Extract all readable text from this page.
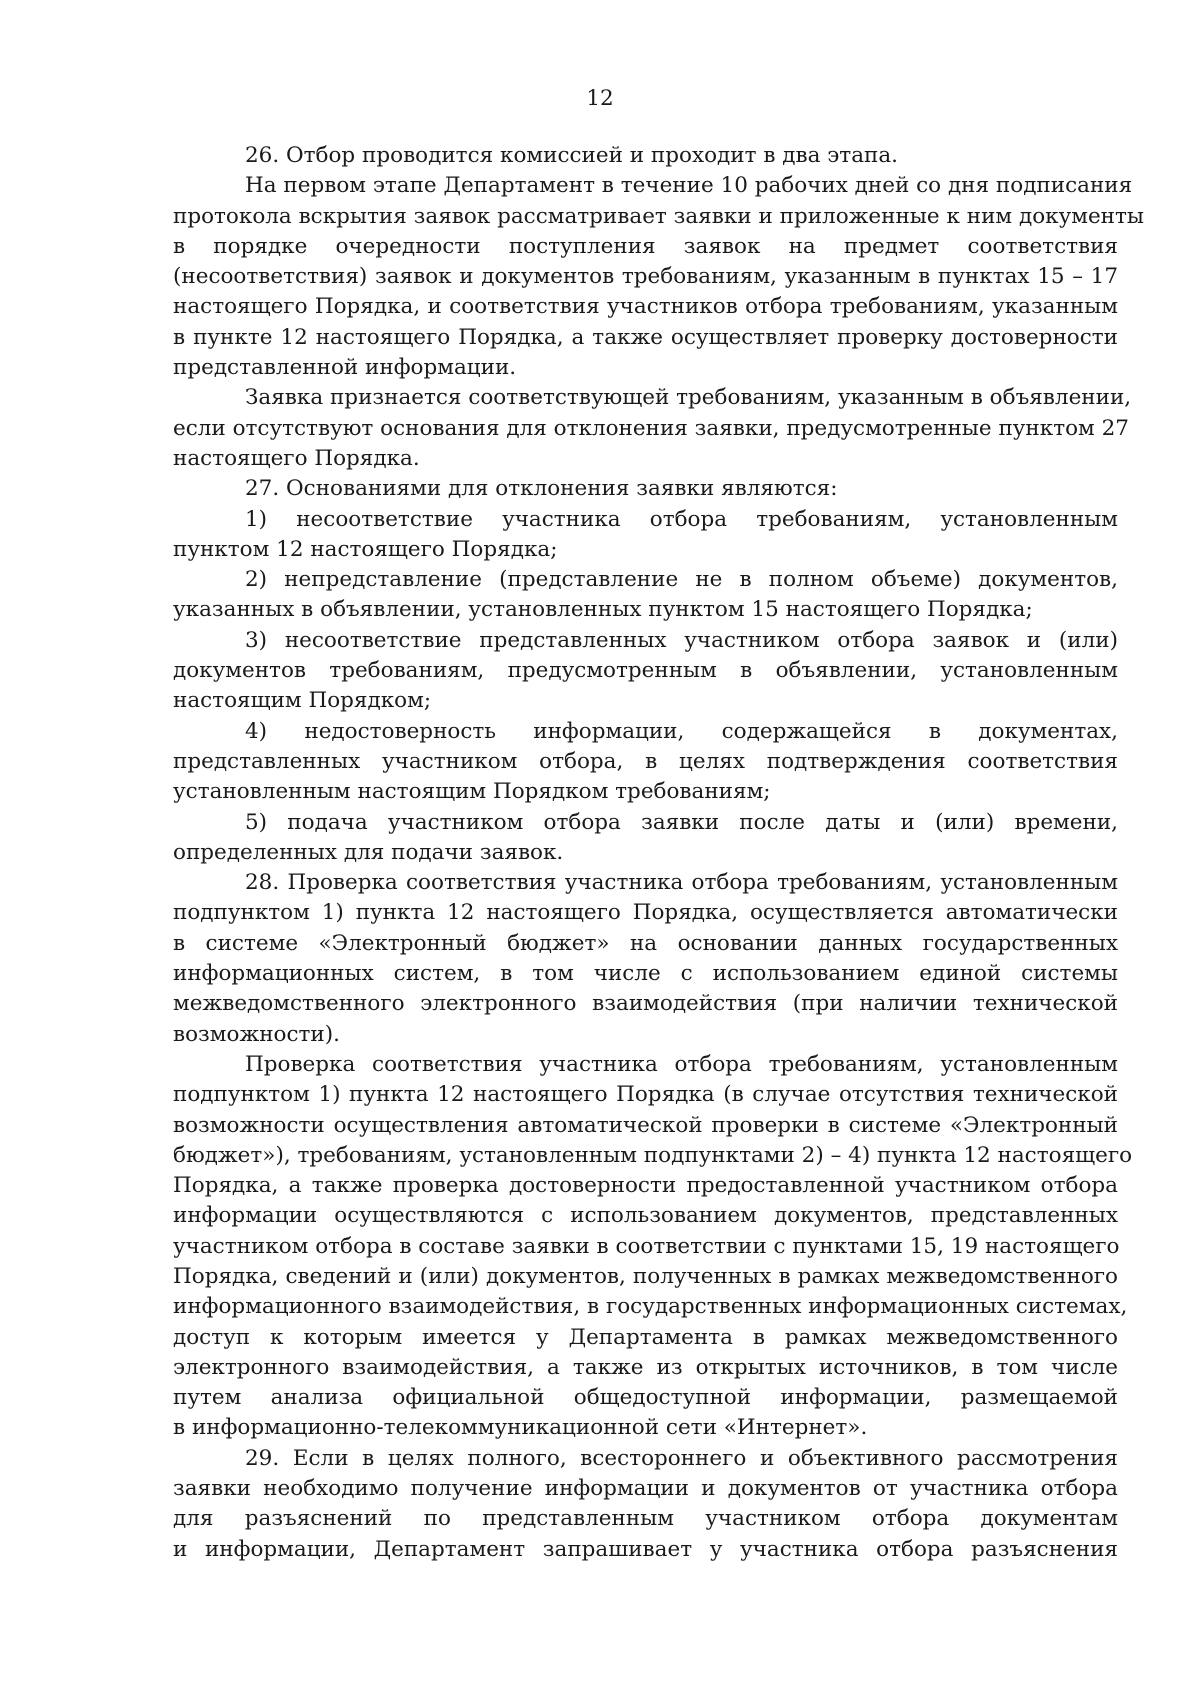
12

26. Отбор проводится комиссией и проходит в два этапа.
На первом этапе Департамент в течение 10 рабочих дней со дня подписания
протокола вскрытия заявок рассматривает заявки и приложенные к ним документы
в порядке очередности поступления заявок на предмет соответствия
(несоответствия) заявок и документов требованиям, указанным в пунктах 15 – 17
настоящего Порядка, и соответствия участников отбора требованиям, указанным
в пункте 12 настоящего Порядка, а также осуществляет проверку достоверности
представленной информации.
Заявка признается соответствующей требованиям, указанным в объявлении,
если отсутствуют основания для отклонения заявки, предусмотренные пунктом 27
настоящего Порядка.
27. Основаниями для отклонения заявки являются:
1) несоответствие участника отбора требованиям, установленным
пунктом 12 настоящего Порядка;
2) непредставление (представление не в полном объеме) документов,
указанных в объявлении, установленных пунктом 15 настоящего Порядка;
3) несоответствие представленных участником отбора заявок и (или)
документов требованиям, предусмотренным в объявлении, установленным
настоящим Порядком;
4) недостоверность информации, содержащейся в документах,
представленных участником отбора, в целях подтверждения соответствия
установленным настоящим Порядком требованиям;
5) подача участником отбора заявки после даты и (или) времени,
определенных для подачи заявок.
28. Проверка соответствия участника отбора требованиям, установленным
подпунктом 1) пункта 12 настоящего Порядка, осуществляется автоматически
в системе «Электронный бюджет» на основании данных государственных
информационных систем, в том числе с использованием единой системы
межведомственного электронного взаимодействия (при наличии технической
возможности).
Проверка соответствия участника отбора требованиям, установленным
подпунктом 1) пункта 12 настоящего Порядка (в случае отсутствия технической
возможности осуществления автоматической проверки в системе «Электронный
бюджет»), требованиям, установленным подпунктами 2) – 4) пункта 12 настоящего
Порядка, а также проверка достоверности предоставленной участником отбора
информации осуществляются с использованием документов, представленных
участником отбора в составе заявки в соответствии с пунктами 15, 19 настоящего
Порядка, сведений и (или) документов, полученных в рамках межведомственного
информационного взаимодействия, в государственных информационных системах,
доступ к которым имеется у Департамента в рамках межведомственного
электронного взаимодействия, а также из открытых источников, в том числе
путем анализа официальной общедоступной информации, размещаемой
в информационно-телекоммуникационной сети «Интернет».
29. Если в целях полного, всестороннего и объективного рассмотрения
заявки необходимо получение информации и документов от участника отбора
для разъяснений по представленным участником отбора документам
и информации, Департамент запрашивает у участника отбора разъяснения
